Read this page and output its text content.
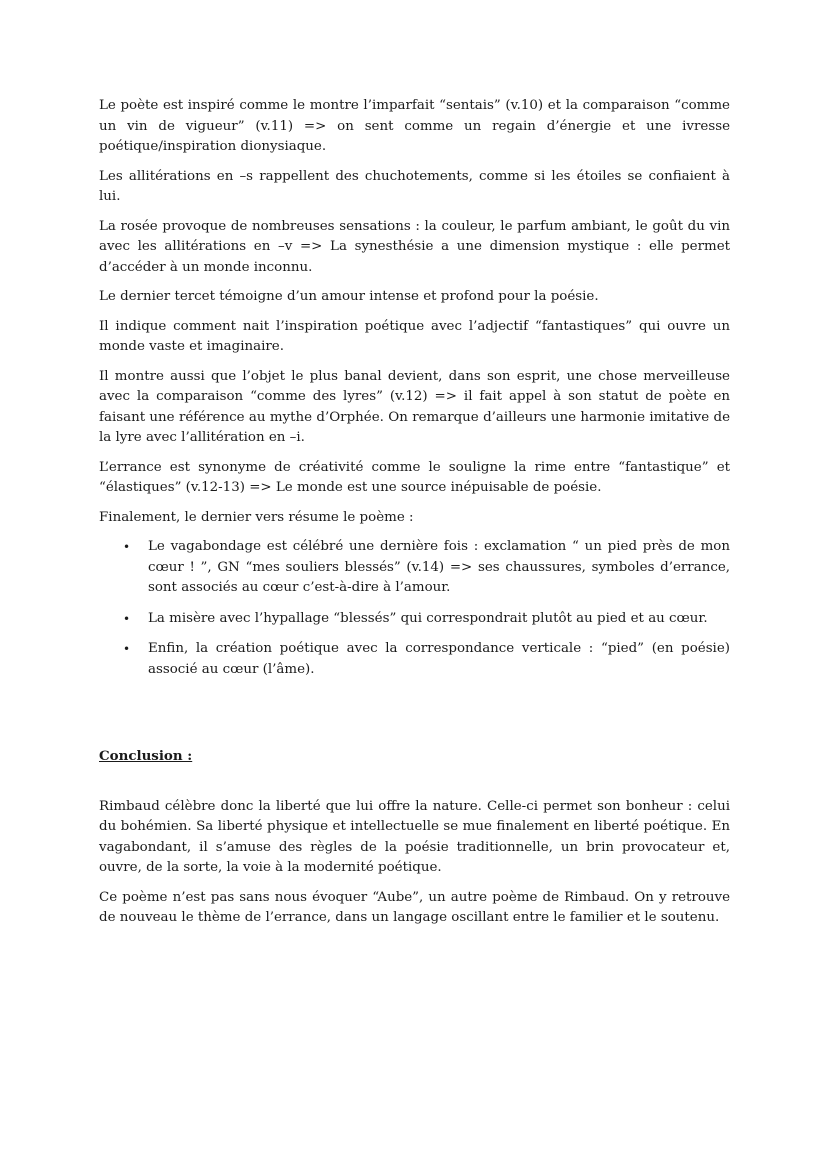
Le poète est inspiré comme le montre l’imparfait “sentais” (v.10) et la comparaison “comme un vin de vigueur” (v.11) => on sent comme un regain d’énergie et une ivresse poétique/inspiration dionysiaque.

Les allitérations en –s rappellent des chuchotements, comme si les étoiles se confiaient à lui.

La rosée provoque de nombreuses sensations : la couleur, le parfum ambiant, le goût du vin avec les allitérations en –v => La synesthésie a une dimension mystique : elle permet d’accéder à un monde inconnu.

Le dernier tercet témoigne d’un amour intense et profond pour la poésie.

Il indique comment nait l’inspiration poétique avec l’adjectif “fantastiques” qui ouvre un monde vaste et imaginaire.

Il montre aussi que l’objet le plus banal devient, dans son esprit, une chose merveilleuse avec la comparaison “comme des lyres” (v.12) => il fait appel à son statut de poète en faisant une référence au mythe d’Orphée. On remarque d’ailleurs une harmonie imitative de la lyre avec l’allitération en –i.

L’errance est synonyme de créativité comme le souligne la rime entre “fantastique” et “élastiques” (v.12-13) => Le monde est une source inépuisable de poésie.

Finalement, le dernier vers résume le poème :

• Le vagabondage est célébré une dernière fois : exclamation “ un pied près de mon cœur ! ”, GN “mes souliers blessés” (v.14) => ses chaussures, symboles d’errance, sont associés au cœur c’est-à-dire à l’amour.
• La misère avec l’hypallage “blessés” qui correspondrait plutôt au pied et au cœur.
• Enfin, la création poétique avec la correspondance verticale : “pied” (en poésie) associé au cœur (l’âme).

Conclusion :

Rimbaud célèbre donc la liberté que lui offre la nature. Celle-ci permet son bonheur : celui du bohémien. Sa liberté physique et intellectuelle se mue finalement en liberté poétique. En vagabondant, il s’amuse des règles de la poésie traditionnelle, un brin provocateur et, ouvre, de la sorte, la voie à la modernité poétique.

Ce poème n’est pas sans nous évoquer “Aube”, un autre poème de Rimbaud. On y retrouve de nouveau le thème de l’errance, dans un langage oscillant entre le familier et le soutenu.
